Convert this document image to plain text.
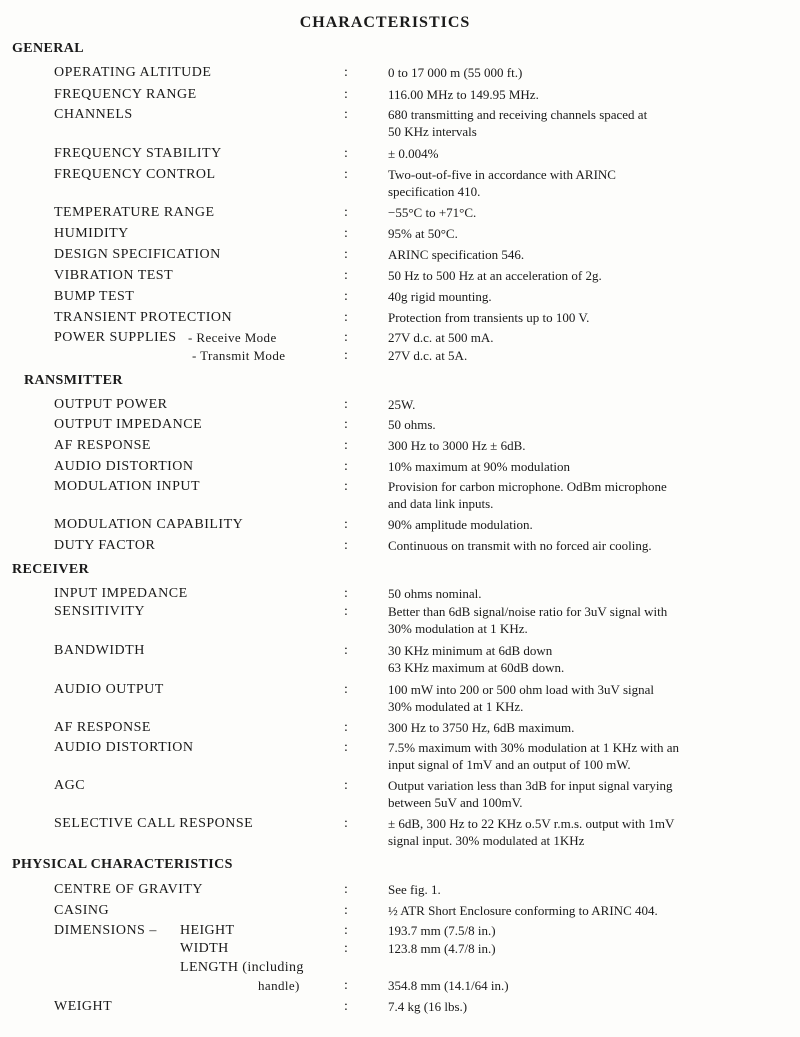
CHARACTERISTICS
GENERAL
OPERATING ALTITUDE	:	0 to 17 000 m (55 000 ft.)
FREQUENCY RANGE	:	116.00 MHz to 149.95 MHz.
CHANNELS	:	680 transmitting and receiving channels spaced at
50 KHz intervals
FREQUENCY STABILITY	:	± 0.004%
FREQUENCY CONTROL	:	Two-out-of-five in accordance with ARINC
specification 410.
TEMPERATURE RANGE	:	−55°C to +71°C.
HUMIDITY	:	95% at 50°C.
DESIGN SPECIFICATION	:	ARINC specification 546.
VIBRATION TEST	:	50 Hz to 500 Hz at an acceleration of 2g.
BUMP TEST	:	40g rigid mounting.
TRANSIENT PROTECTION	:	Protection from transients up to 100 V.
POWER SUPPLIES - Receive Mode	:	27V d.c. at 500 mA.
- Transmit Mode	:	27V d.c. at 5A.
RANSMITTER
OUTPUT POWER	:	25W.
OUTPUT IMPEDANCE	:	50 ohms.
AF RESPONSE	:	300 Hz to 3000 Hz ± 6dB.
AUDIO DISTORTION	:	10% maximum at 90% modulation
MODULATION INPUT	:	Provision for carbon microphone. OdBm microphone
and data link inputs.
MODULATION CAPABILITY	:	90% amplitude modulation.
DUTY FACTOR	:	Continuous on transmit with no forced air cooling.
RECEIVER
INPUT IMPEDANCE	:	50 ohms nominal.
SENSITIVITY	:	Better than 6dB signal/noise ratio for 3uV signal with
30% modulation at 1 KHz.
BANDWIDTH	:	30 KHz minimum at 6dB down
63 KHz maximum at 60dB down.
AUDIO OUTPUT	:	100 mW into 200 or 500 ohm load with 3uV signal
30% modulated at 1 KHz.
AF RESPONSE	:	300 Hz to 3750 Hz, 6dB maximum.
AUDIO DISTORTION	:	7.5% maximum with 30% modulation at 1 KHz with an
input signal of 1mV and an output of 100 mW.
AGC	:	Output variation less than 3dB for input signal varying
between 5uV and 100mV.
SELECTIVE CALL RESPONSE	:	± 6dB, 300 Hz to 22 KHz o.5V r.m.s. output with 1mV
signal input. 30% modulated at 1KHz
PHYSICAL CHARACTERISTICS
CENTRE OF GRAVITY	:	See fig. 1.
CASING	:	½ ATR Short Enclosure conforming to ARINC 404.
DIMENSIONS –	HEIGHT	:	193.7 mm (7.5/8 in.)
WIDTH	:	123.8 mm (4.7/8 in.)
LENGTH (including
handle)	:	354.8 mm (14.1/64 in.)
WEIGHT	:	7.4 kg (16 lbs.)
